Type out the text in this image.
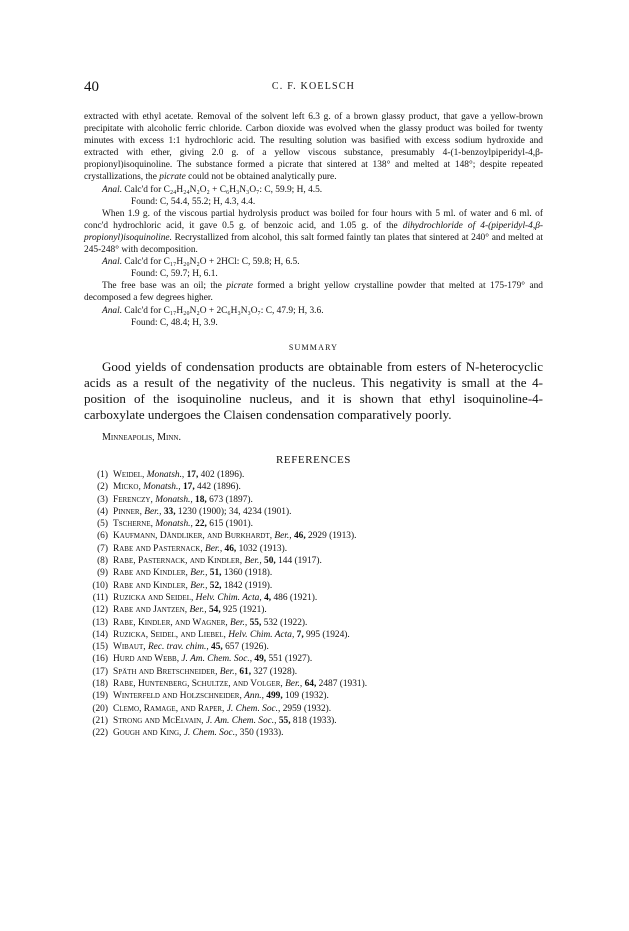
40	C. F. KOELSCH

extracted with ethyl acetate. Removal of the solvent left 6.3 g. of a brown glassy product, that gave a yellow-brown precipitate with alcoholic ferric chloride. Carbon dioxide was evolved when the glassy product was boiled for twenty minutes with excess 1:1 hydrochloric acid. The resulting solution was basified with excess sodium hydroxide and extracted with ether, giving 2.0 g. of a yellow viscous substance, presumably 4-(1-benzoylpiperidyl-4,β-propionyl)isoquinoline. The substance formed a picrate that sintered at 138° and melted at 148°; despite repeated crystallizations, the picrate could not be obtained analytically pure.

Anal. Calc'd for C₂₄H₂₄N₂O₂ + C₆H₃N₃O₇: C, 59.9; H, 4.5.

Found: C, 54.4, 55.2; H, 4.3, 4.4.

When 1.9 g. of the viscous partial hydrolysis product was boiled for four hours with 5 ml. of water and 6 ml. of conc'd hydrochloric acid, it gave 0.5 g. of benzoic acid, and 1.05 g. of the dihydrochloride of 4-(piperidyl-4,β-propionyl)isoquinoline. Recrystallized from alcohol, this salt formed faintly tan plates that sintered at 240° and melted at 245-248° with decomposition.

Anal. Calc'd for C₁₇H₂₀N₂O + 2HCl: C, 59.8; H, 6.5.

Found: C, 59.7; H, 6.1.

The free base was an oil; the picrate formed a bright yellow crystalline powder that melted at 175-179° and decomposed a few degrees higher.

Anal. Calc'd for C₁₇H₂₀N₂O + 2C₆H₃N₃O₇: C, 47.9; H, 3.6.

Found: C, 48.4; H, 3.9.

SUMMARY

Good yields of condensation products are obtainable from esters of N-heterocyclic acids as a result of the negativity of the nucleus. This negativity is small at the 4-position of the isoquinoline nucleus, and it is shown that ethyl isoquinoline-4-carboxylate undergoes the Claisen condensation comparatively poorly.

Minneapolis, Minn.

REFERENCES
(1) Weidel, Monatsh., 17, 402 (1896).
(2) Micko, Monatsh., 17, 442 (1896).
(3) Ferenczy, Monatsh., 18, 673 (1897).
(4) Pinner, Ber., 33, 1230 (1900); 34, 4234 (1901).
(5) Tscherne, Monatsh., 22, 615 (1901).
(6) Kaufmann, Dändliker, and Burkhardt, Ber., 46, 2929 (1913).
(7) Rabe and Pasternack, Ber., 46, 1032 (1913).
(8) Rabe, Pasternack, and Kindler, Ber., 50, 144 (1917).
(9) Rabe and Kindler, Ber., 51, 1360 (1918).
(10) Rabe and Kindler, Ber., 52, 1842 (1919).
(11) Ruzicka and Seidel, Helv. Chim. Acta, 4, 486 (1921).
(12) Rabe and Jantzen, Ber., 54, 925 (1921).
(13) Rabe, Kindler, and Wagner, Ber., 55, 532 (1922).
(14) Ruzicka, Seidel, and Liebel, Helv. Chim. Acta, 7, 995 (1924).
(15) Wibaut, Rec. trav. chim., 45, 657 (1926).
(16) Hurd and Webb, J. Am. Chem. Soc., 49, 551 (1927).
(17) Späth and Bretschneider, Ber., 61, 327 (1928).
(18) Rabe, Huntenberg, Schultze, and Volger, Ber., 64, 2487 (1931).
(19) Winterfeld and Holzschneider, Ann., 499, 109 (1932).
(20) Clemo, Ramage, and Raper, J. Chem. Soc., 2959 (1932).
(21) Strong and McElvain, J. Am. Chem. Soc., 55, 818 (1933).
(22) Gough and King, J. Chem. Soc., 350 (1933).
